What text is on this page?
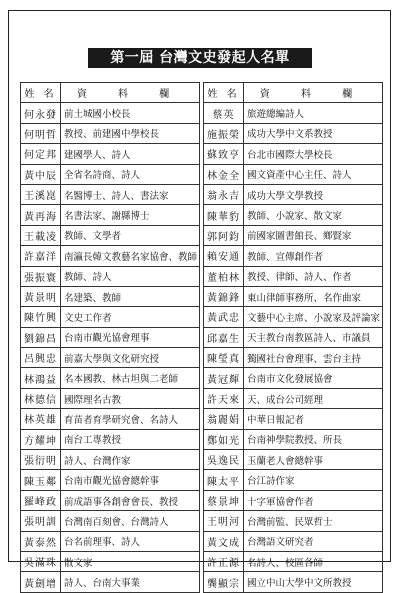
第一屆 台灣文史發起人名單
姓 名	資 料 欄
何永發	前土城國小校長
何明哲	教授、前建國中學校長
何定邦	建國學人、詩人
黃中辰	全省名詩商、詩人
王溪崑	名醫博士、詩人、書法家
黃再海	名書法家、謝縣博士
王載凌	教師、文學者
許嘉洋	南瀛長韓文教藝名家協會、教師
張振寰	教師、詩人
黃景明	名建築、教師
陳竹興	文史工作者
劉錦昌	台南市觀光協會理事
呂興忠	前嘉大學與文化研究授
林鴻益	名本國教、林古坦與二老師
林德信	國際理名古教
林英雄	育苗者育學研究會、名詩人
方耀坤	南台工專教授
張衍明	詩人、台灣作家
陳玉鄰	台南市觀光協會總幹事
羅峰政	前成語事各創會會長、教授
張明訓	台灣南百刻會、台灣詩人
黃泰然	台名前理事、詩人
吳滿珠	散文家
黃劍增	詩人、台南大事業
姓 名	資 料 欄
蔡英	旅遊總編詩人
施振榮	成功大學中文系教授
蘇致亨	台北市國際大學校長
林金全	國文資產中心主任、詩人
翁永吉	成功大學文學教授
陳華豹	教師、小說家、散文家
郭阿鈞	前國家圖書館長、鄉賢家
賴安通	教師、宣傳創作者
董柏林	教授、律師、詩人、作者
黃錦鋒	東山律師事務所、名作曲家
黃武忠	文藝中心主席、小說家及評論家
邱嘉生	天主教台南教區詩人、市議員
陳瑩真	獨國社台會理事、雲台主持
黃冠輝	台南市文化發展協會
許天來	天、成台公司經理
翁麗娟	中華日報記者
鄭如光	台南神學院教授、所長
吳逸民	玉蘭老人會總幹事
陳太平	台江詩作家
蔡景坤	十字軍協會作者
王明河	台灣前監、民眾哲士
黃文成	台灣語文研究者
許正源	名詩人、校區各師
龔顯宗	國立中山大學中文所教授
